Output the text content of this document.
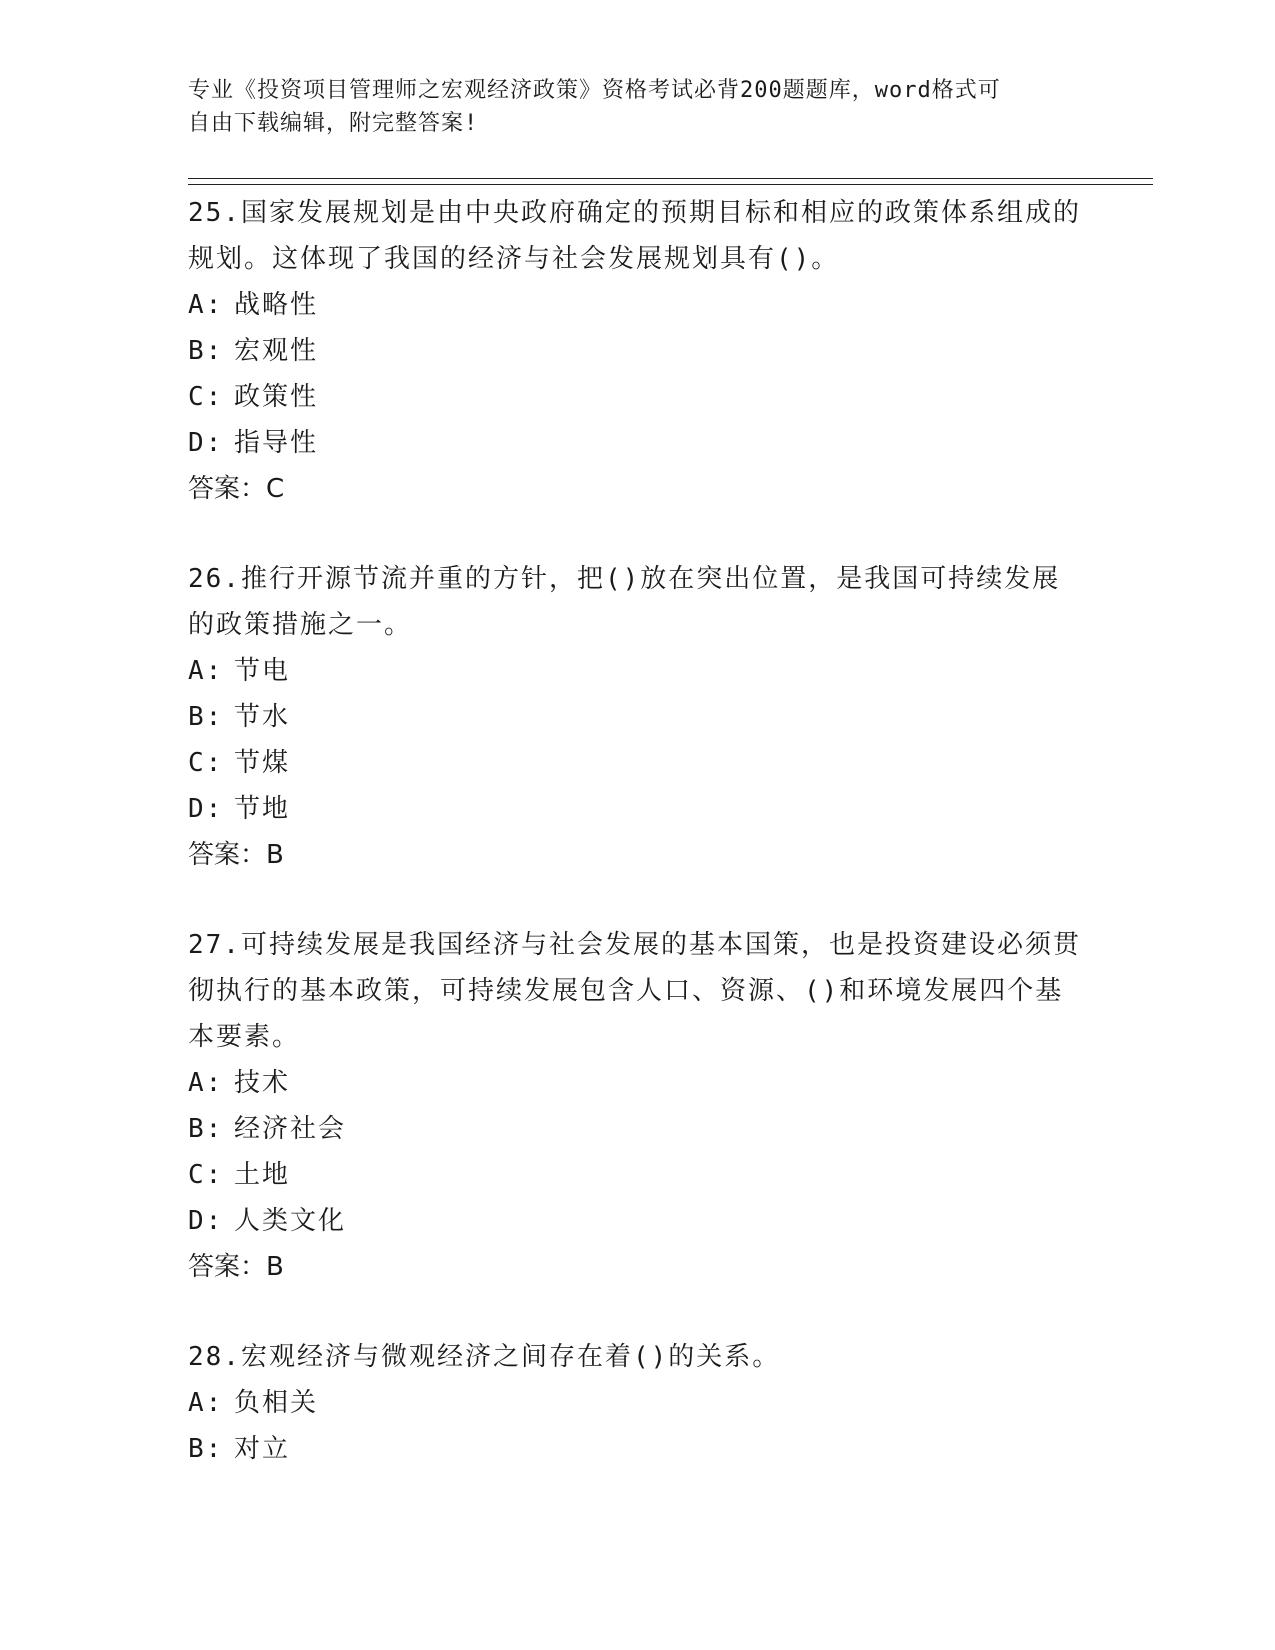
专业《投资项目管理师之宏观经济政策》资格考试必背200题题库，word格式可
自由下载编辑，附完整答案!
25.国家发展规划是由中央政府确定的预期目标和相应的政策体系组成的规划。这体现了我国的经济与社会发展规划具有()。
A: 战略性
B: 宏观性
C: 政策性
D: 指导性
答案：C
26.推行开源节流并重的方针，把()放在突出位置，是我国可持续发展的政策措施之一。
A: 节电
B: 节水
C: 节煤
D: 节地
答案：B
27.可持续发展是我国经济与社会发展的基本国策，也是投资建设必须贯彻执行的基本政策，可持续发展包含人口、资源、()和环境发展四个基本要素。
A: 技术
B: 经济社会
C: 土地
D: 人类文化
答案：B
28.宏观经济与微观经济之间存在着()的关系。
A: 负相关
B: 对立
